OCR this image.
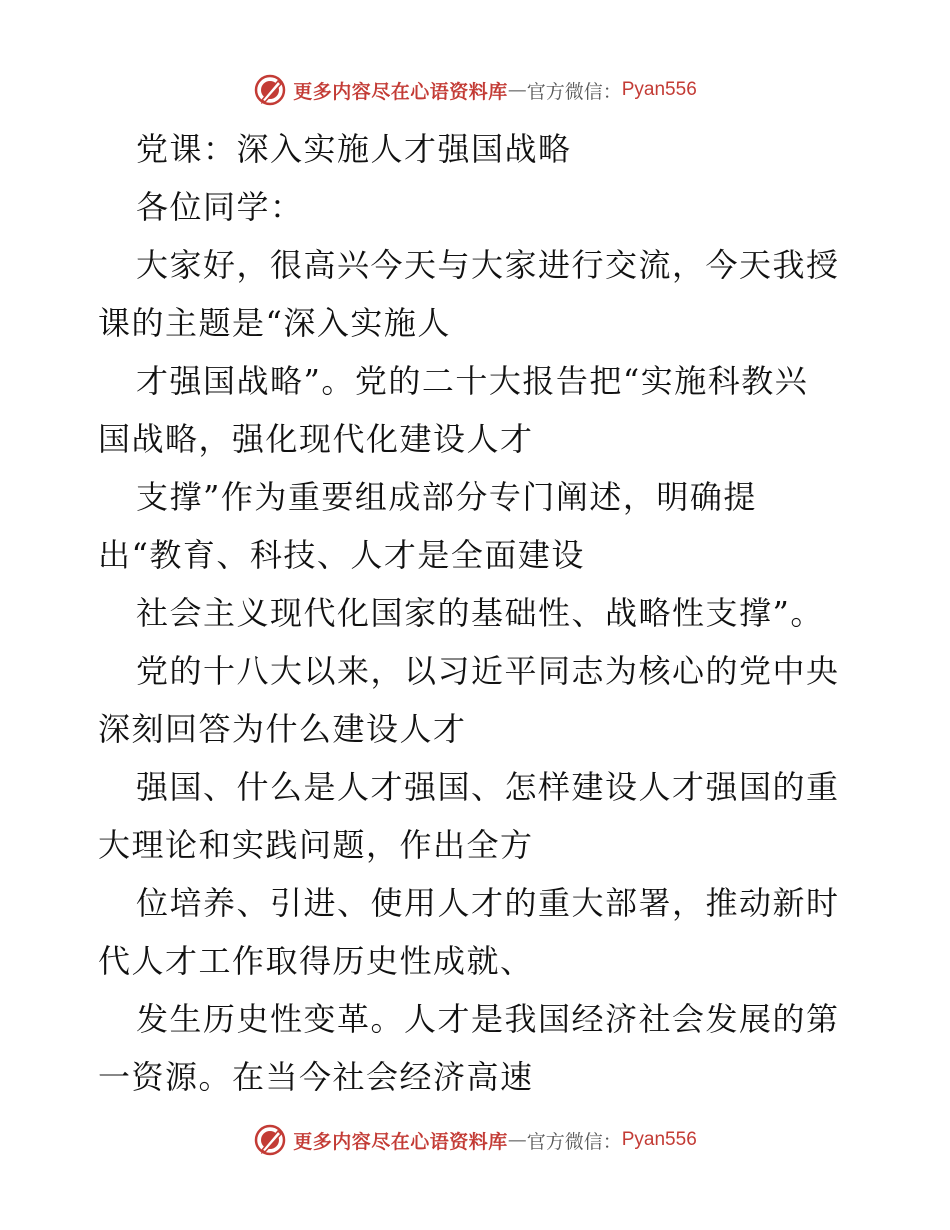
更多内容尽在心语资料库 — 官方微信： Pyan556
党课：深入实施人才强国战略
各位同学：
大家好，很高兴今天与大家进行交流，今天我授
课的主题是“深入实施人
才强国战略”。党的二十大报告把“实施科教兴
国战略，强化现代化建设人才
支撑”作为重要组成部分专门阐述，明确提
出“教育、科技、人才是全面建设
社会主义现代化国家的基础性、战略性支撑”。
党的十八大以来，以习近平同志为核心的党中央
深刻回答为什么建设人才
强国、什么是人才强国、怎样建设人才强国的重
大理论和实践问题，作出全方
位培养、引进、使用人才的重大部署，推动新时
代人才工作取得历史性成就、
发生历史性变革。人才是我国经济社会发展的第
一资源。在当今社会经济高速
更多内容尽在心语资料库 — 官方微信： Pyan556
